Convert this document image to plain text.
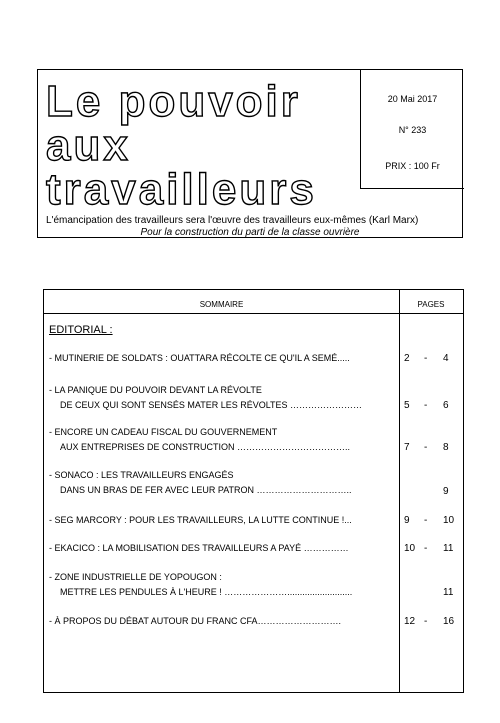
Le pouvoir
aux
travailleurs
20 Mai 2017
N° 233
PRIX : 100 Fr
L'émancipation des travailleurs sera l'œuvre des travailleurs eux-mêmes (Karl Marx)
Pour la construction du parti de la classe ouvrière
SOMMAIRE	PAGES
EDITORIAL :
- MUTINERIE DE SOLDATS : OUATTARA RÉCOLTE CE QU'IL A SEMÉ.....	2 - 4
- LA PANIQUE DU POUVOIR DEVANT LA RÉVOLTE
DE CEUX QUI SONT SENSÉS MATER LES RÉVOLTES ……………………	5 - 6
- ENCORE UN CADEAU FISCAL DU GOUVERNEMENT
AUX ENTREPRISES DE CONSTRUCTION ………………………………..	7 - 8
- SONACO : LES TRAVAILLEURS ENGAGÉS
DANS UN BRAS DE FER AVEC LEUR PATRON …………………………..	9
- SEG MARCORY : POUR LES TRAVAILLEURS, LA LUTTE CONTINUE !...	9 - 10
- EKACICO : LA MOBILISATION DES TRAVAILLEURS A PAYÉ ……………	10 - 11
- ZONE INDUSTRIELLE DE YOPOUGON :
METTRE LES PENDULES À L'HEURE ! …………………..........................	11
- À PROPOS DU DÉBAT AUTOUR DU FRANC CFA……………………….	12 - 16
